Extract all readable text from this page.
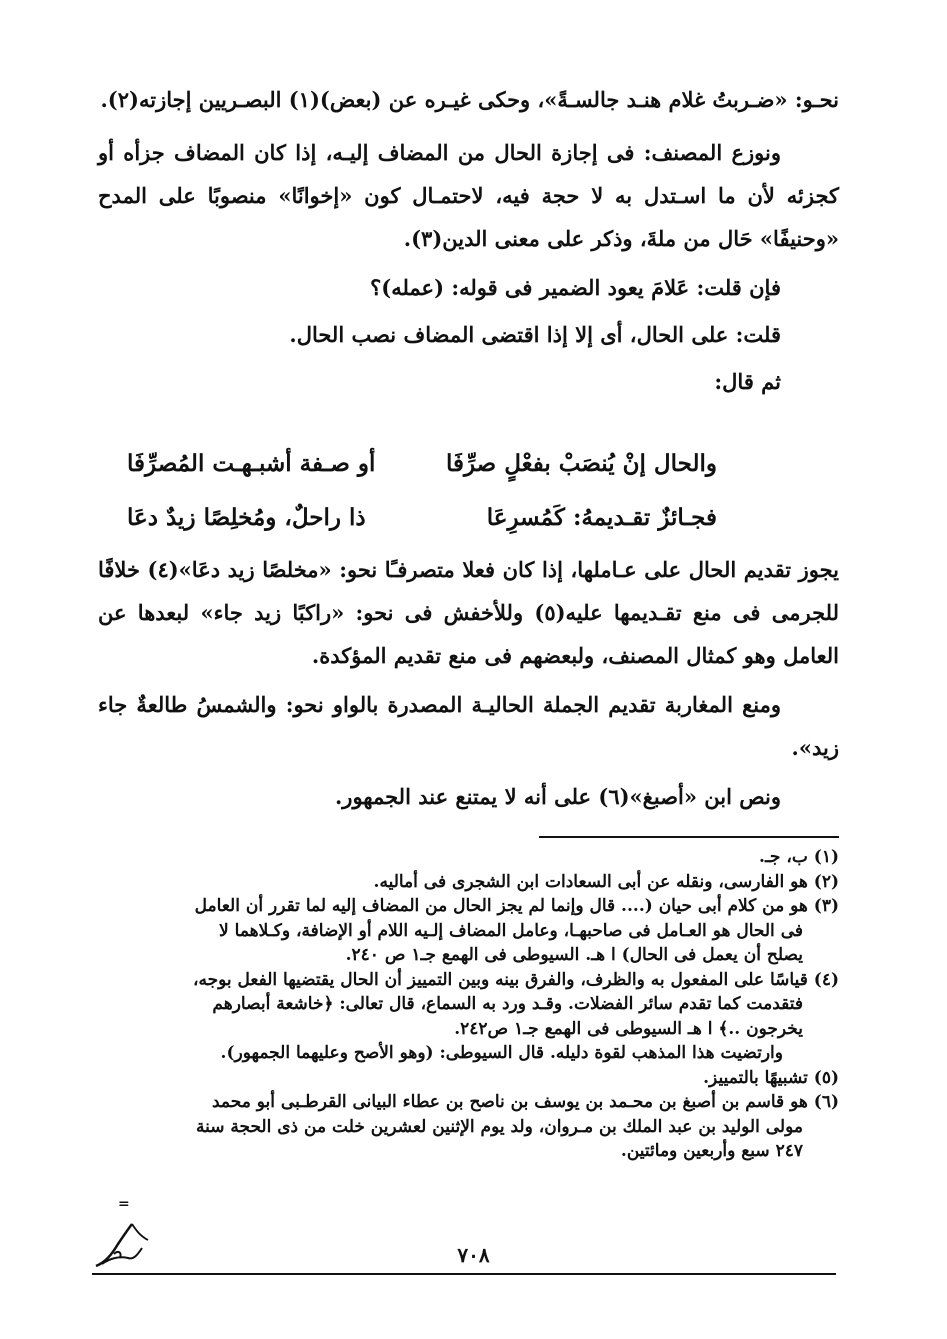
نحـو: «ضـربتُ غلام هنـد جالسـةً»، وحكى غيـره عن (بعض)(١) البصـريين إجازته(٢).

ونوزع المصنف: فى إجازة الحال من المضاف إليـه، إذا كان المضاف جزأه أو كجزئه لأن ما اسـتدل به لا حجة فيه، لاحتمـال كون «إخوانًا» منصوبًا على المدح «وحنيفًا» حَال من ملةَ، وذكر على معنى الدين(٣).

فإن قلت: عَلامَ يعود الضمير فى قوله: (عمله)؟

قلت: على الحال، أى إلا إذا اقتضى المضاف نصب الحال.

ثم قال:

والحال إنْ يُنصَبْ بفعْلٍ صرِّفَا
أو صـفة أشبـهـت المُصرِّفَا
فجـائزٌ تقـديمهُ: كَمُسرِعَا
ذا راحلٌ، ومُخلِصًا زيدٌ دعَا

يجوز تقديم الحال على عـاملها، إذا كان فعلا متصرفـًا نحو: «مخلصًا زيد دعَا»(٤) خلافًا للجرمى فى منع تقـديمها عليه(٥) وللأخفش فى نحو: «راكبًا زيد جاء» لبعدها عن العامل وهو كمثال المصنف، ولبعضهم فى منع تقديم المؤكدة.

ومنع المغاربة تقديم الجملة الحاليـة المصدرة بالواو نحو: والشمسُ طالعةٌ جاء زيد».

ونص ابن «أصبغ»(٦) على أنه لا يمتنع عند الجمهور.

(١) ب، جـ.

(٢) هو الفارسى، ونقله عن أبى السعادات ابن الشجرى فى أماليه.

(٣) هو من كلام أبى حيان (.... قال وإنما لم يجز الحال من المضاف إليه لما تقرر أن العامل

فى الحال هو العـامل فى صاحبهـا، وعامل المضاف إلـيه اللام أو الإضافة، وكـلاهما لا

يصلح أن يعمل فى الحال) ا هـ. السيوطى فى الهمع جـ١ ص ٢٤٠.

(٤) قياسًا على المفعول به والظرف، والفرق بينه وبين التمييز أن الحال يقتضيها الفعل بوجه،

فتقدمت كما تقدم سائر الفضلات. وقـد ورد به السماع، قال تعالى: ﴿خاشعة أبصارهم

يخرجون ..﴾ ا هـ السيوطى فى الهمع جـ١ ص٢٤٢.

وارتضيت هذا المذهب لقوة دليله. قال السيوطى: (وهو الأصح وعليهما الجمهور).

(٥) تشبيهًا بالتمييز.

(٦) هو قاسم بن أصبغ بن محـمد بن يوسف بن ناصح بن عطاء البيانى القرطـبى أبو محمد

مولى الوليد بن عبد الملك بن مـروان، ولد يوم الإثنين لعشرين خلت من ذى الحجة سنة

٢٤٧ سبع وأربعين ومائتين.

=
٧٠٨
